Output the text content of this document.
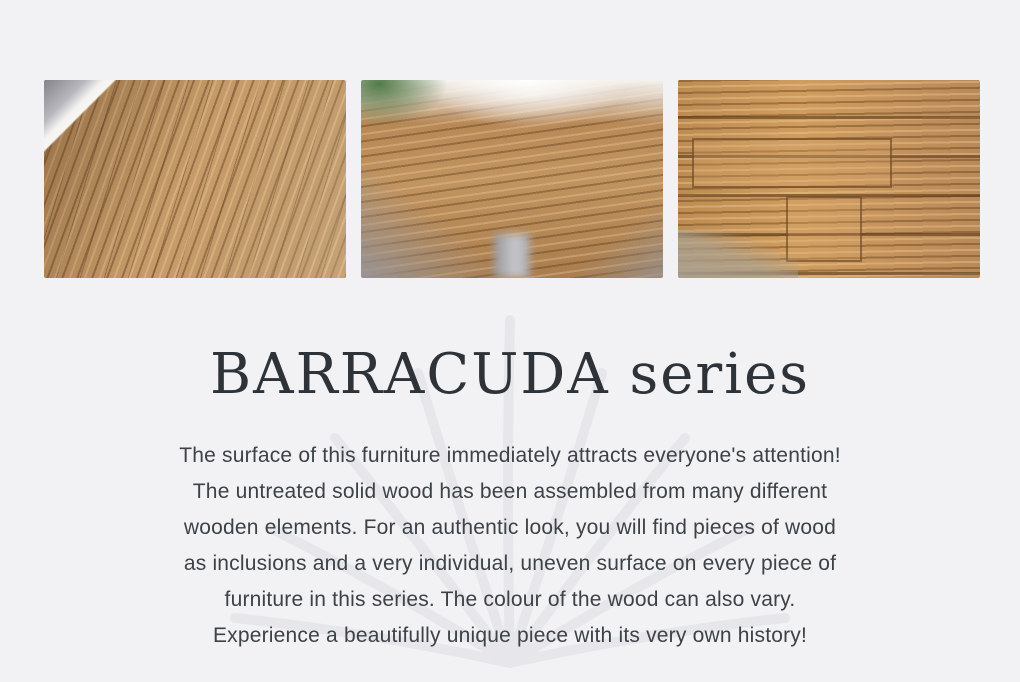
BARRACUDA series
The surface of this furniture immediately attracts everyone's attention!
The untreated solid wood has been assembled from many different
wooden elements. For an authentic look, you will find pieces of wood
as inclusions and a very individual, uneven surface on every piece of
furniture in this series. The colour of the wood can also vary.
Experience a beautifully unique piece with its very own history!
